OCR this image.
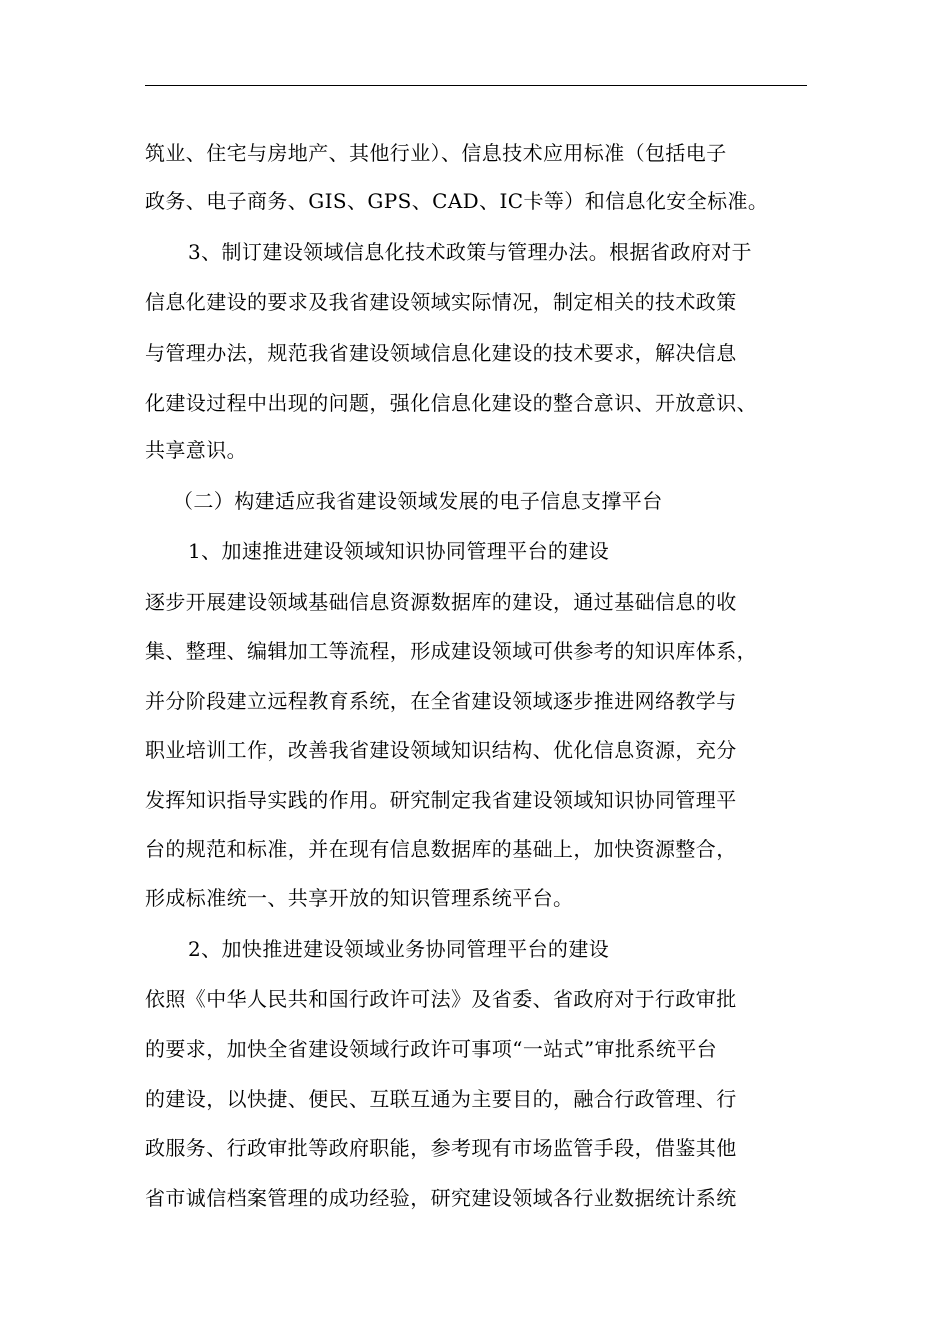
筑业、住宅与房地产、其他行业）、信息技术应用标准（包括电子
政务、电子商务、GIS、GPS、CAD、IC卡等）和信息化安全标准。
3、制订建设领域信息化技术政策与管理办法。根据省政府对于
信息化建设的要求及我省建设领域实际情况，制定相关的技术政策
与管理办法，规范我省建设领域信息化建设的技术要求，解决信息
化建设过程中出现的问题，强化信息化建设的整合意识、开放意识、
共享意识。
（二）构建适应我省建设领域发展的电子信息支撑平台
1、加速推进建设领域知识协同管理平台的建设
逐步开展建设领域基础信息资源数据库的建设，通过基础信息的收
集、整理、编辑加工等流程，形成建设领域可供参考的知识库体系，
并分阶段建立远程教育系统，在全省建设领域逐步推进网络教学与
职业培训工作，改善我省建设领域知识结构、优化信息资源，充分
发挥知识指导实践的作用。研究制定我省建设领域知识协同管理平
台的规范和标准，并在现有信息数据库的基础上，加快资源整合，
形成标准统一、共享开放的知识管理系统平台。
2、加快推进建设领域业务协同管理平台的建设
依照《中华人民共和国行政许可法》及省委、省政府对于行政审批
的要求，加快全省建设领域行政许可事项“一站式”审批系统平台
的建设，以快捷、便民、互联互通为主要目的，融合行政管理、行
政服务、行政审批等政府职能，参考现有市场监管手段，借鉴其他
省市诚信档案管理的成功经验，研究建设领域各行业数据统计系统
